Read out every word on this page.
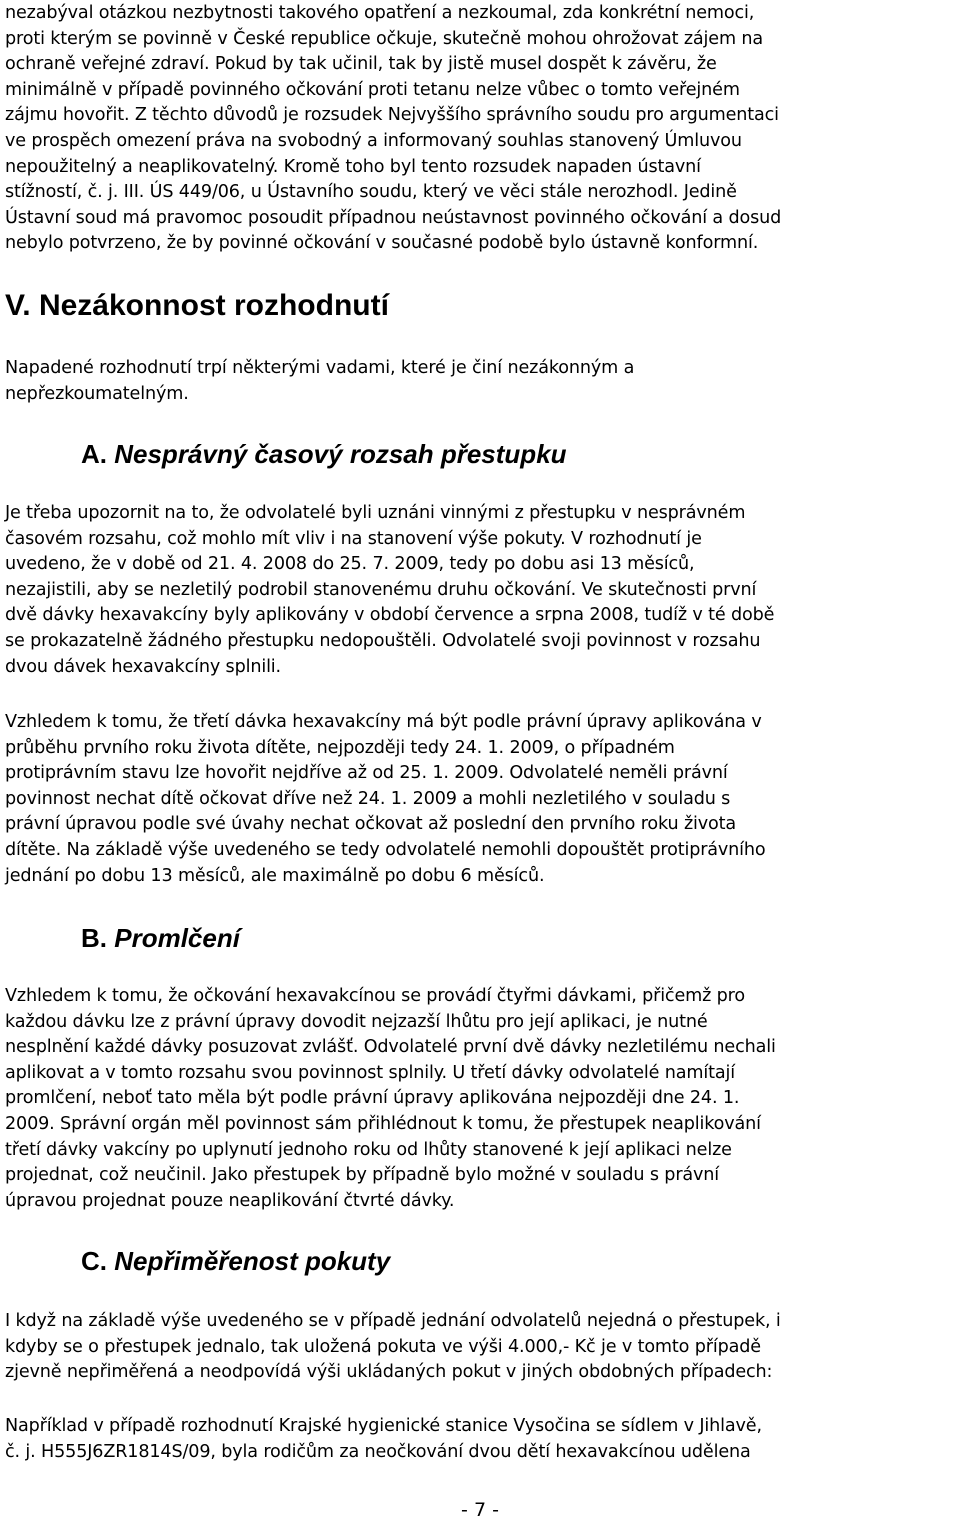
nezabýval otázkou nezbytnosti takového opatření a nezkoumal, zda konkrétní nemoci,
proti kterým se povinně v České republice očkuje, skutečně mohou ohrožovat zájem na
ochraně veřejné zdraví. Pokud by tak učinil, tak by jistě musel dospět k závěru, že
minimálně v případě povinného očkování proti tetanu nelze vůbec o tomto veřejném
zájmu hovořit. Z těchto důvodů je rozsudek Nejvyššího správního soudu pro argumentaci
ve prospěch omezení práva na svobodný a informovaný souhlas stanovený Úmluvou
nepoužitelný a neaplikovatelný. Kromě toho byl tento rozsudek napaden ústavní
stížností, č. j. III. ÚS 449/06, u Ústavního soudu, který ve věci stále nerozhodl. Jedině
Ústavní soud má pravomoc posoudit případnou neústavnost povinného očkování a dosud
nebylo potvrzeno, že by povinné očkování v současné podobě bylo ústavně konformní.

V. Nezákonnost rozhodnutí

Napadené rozhodnutí trpí některými vadami, které je činí nezákonným a
nepřezkoumatelným.

A. Nesprávný časový rozsah přestupku

Je třeba upozornit na to, že odvolatelé byli uznáni vinnými z přestupku v nesprávném
časovém rozsahu, což mohlo mít vliv i na stanovení výše pokuty. V rozhodnutí je
uvedeno, že v době od 21. 4. 2008 do 25. 7. 2009, tedy po dobu asi 13 měsíců,
nezajistili, aby se nezletilý podrobil stanovenému druhu očkování. Ve skutečnosti první
dvě dávky hexavakcíny byly aplikovány v období července a srpna 2008, tudíž v té době
se prokazatelně žádného přestupku nedopouštěli. Odvolatelé svoji povinnost v rozsahu
dvou dávek hexavakcíny splnili.

Vzhledem k tomu, že třetí dávka hexavakcíny má být podle právní úpravy aplikována v
průběhu prvního roku života dítěte, nejpozději tedy 24. 1. 2009, o případném
protiprávním stavu lze hovořit nejdříve až od 25. 1. 2009. Odvolatelé neměli právní
povinnost nechat dítě očkovat dříve než 24. 1. 2009 a mohli nezletilého v souladu s
právní úpravou podle své úvahy nechat očkovat až poslední den prvního roku života
dítěte. Na základě výše uvedeného se tedy odvolatelé nemohli dopouštět protiprávního
jednání po dobu 13 měsíců, ale maximálně po dobu 6 měsíců.

B. Promlčení

Vzhledem k tomu, že očkování hexavakcínou se provádí čtyřmi dávkami, přičemž pro
každou dávku lze z právní úpravy dovodit nejzazší lhůtu pro její aplikaci, je nutné
nesplnění každé dávky posuzovat zvlášť. Odvolatelé první dvě dávky nezletilému nechali
aplikovat a v tomto rozsahu svou povinnost splnily. U třetí dávky odvolatelé namítají
promlčení, neboť tato měla být podle právní úpravy aplikována nejpozději dne 24. 1.
2009. Správní orgán měl povinnost sám přihlédnout k tomu, že přestupek neaplikování
třetí dávky vakcíny po uplynutí jednoho roku od lhůty stanovené k její aplikaci nelze
projednat, což neučinil. Jako přestupek by případně bylo možné v souladu s právní
úpravou projednat pouze neaplikování čtvrté dávky.

C. Nepřiměřenost pokuty

I když na základě výše uvedeného se v případě jednání odvolatelů nejedná o přestupek, i
kdyby se o přestupek jednalo, tak uložená pokuta ve výši 4.000,- Kč je v tomto případě
zjevně nepřiměřená a neodpovídá výši ukládaných pokut v jiných obdobných případech:

Například v případě rozhodnutí Krajské hygienické stanice Vysočina se sídlem v Jihlavě,
č. j. H555J6ZR1814S/09, byla rodičům za neočkování dvou dětí hexavakcínou udělena

- 7 -
